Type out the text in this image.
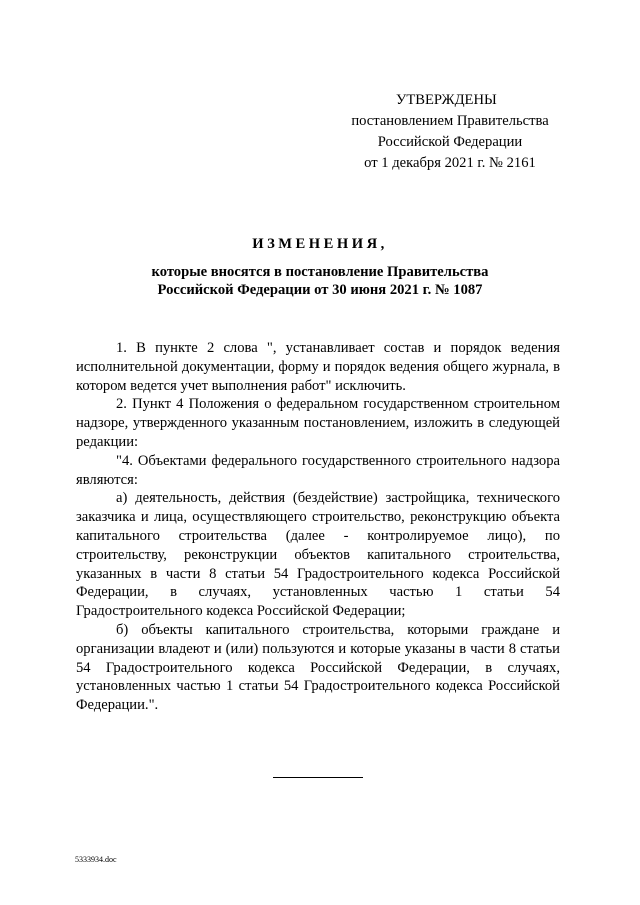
УТВЕРЖДЕНЫ
постановлением Правительства
Российской Федерации
от 1 декабря 2021 г. № 2161
ИЗМЕНЕНИЯ,
которые вносятся в постановление Правительства
Российской Федерации от 30 июня 2021 г. № 1087

1. В пункте 2 слова ", устанавливает состав и порядок ведения исполнительной документации, форму и порядок ведения общего журнала, в котором ведется учет выполнения работ" исключить.

2. Пункт 4 Положения о федеральном государственном строительном надзоре, утвержденного указанным постановлением, изложить в следующей редакции:

"4. Объектами федерального государственного строительного надзора являются:

а) деятельность, действия (бездействие) застройщика, технического заказчика и лица, осуществляющего строительство, реконструкцию объекта капитального строительства (далее - контролируемое лицо), по строительству, реконструкции объектов капитального строительства, указанных в части 8 статьи 54 Градостроительного кодекса Российской Федерации, в случаях, установленных частью 1 статьи 54 Градостроительного кодекса Российской Федерации;

б) объекты капитального строительства, которыми граждане и организации владеют и (или) пользуются и которые указаны в части 8 статьи 54 Градостроительного кодекса Российской Федерации, в случаях, установленных частью 1 статьи 54 Градостроительного кодекса Российской Федерации.".

5333934.doc
